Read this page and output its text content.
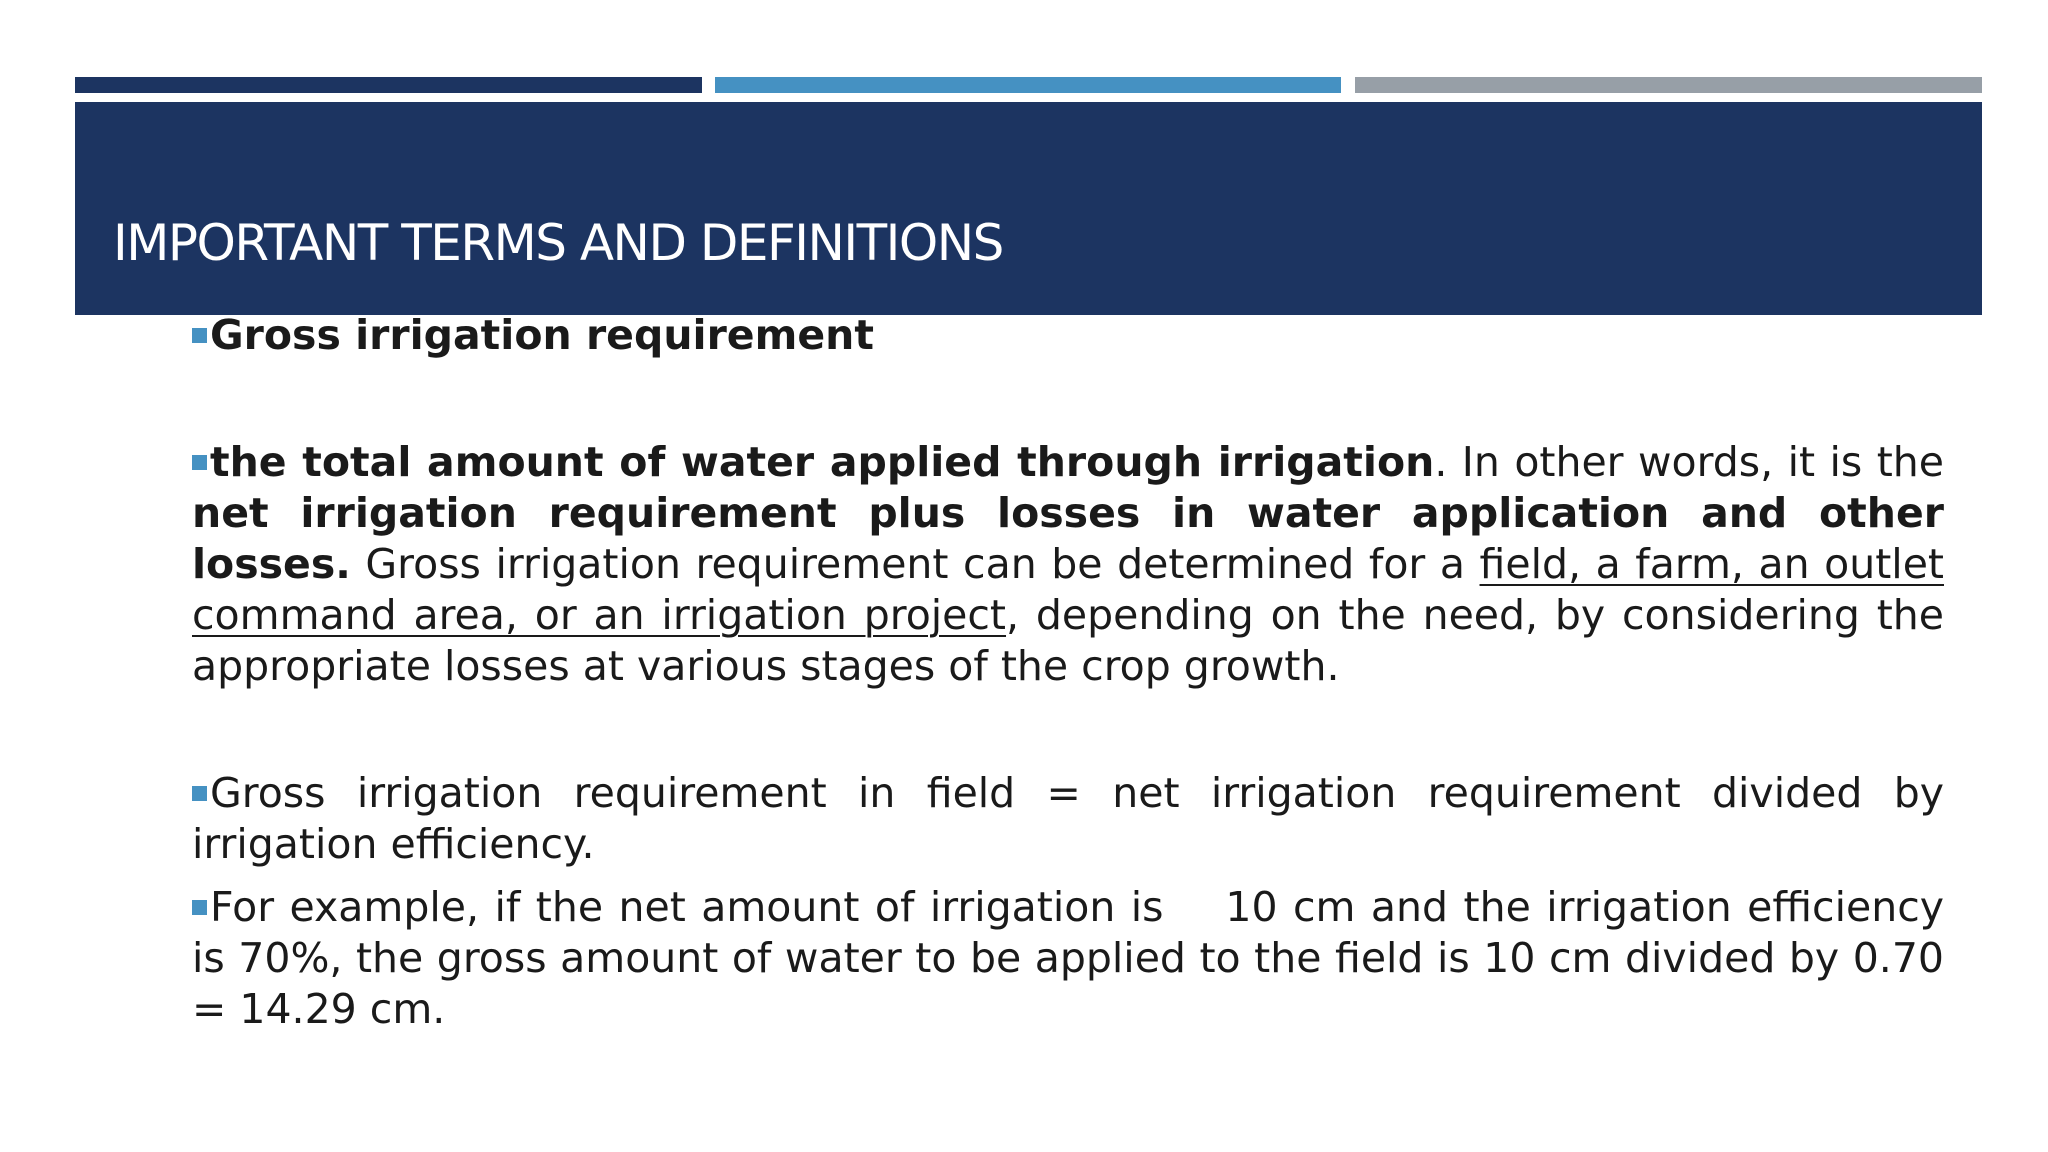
IMPORTANT TERMS AND DEFINITIONS

Gross irrigation requirement

the total amount of water applied through irrigation. In other words, it is the net irrigation requirement plus losses in water application and other losses. Gross irrigation requirement can be determined for a field, a farm, an outlet command area, or an irrigation project, depending on the need, by considering the appropriate losses at various stages of the crop growth.

Gross irrigation requirement in field = net irrigation requirement divided by irrigation efficiency.

For example, if the net amount of irrigation is    10 cm and the irrigation efficiency is 70%, the gross amount of water to be applied to the field is 10 cm divided by 0.70 = 14.29 cm.
